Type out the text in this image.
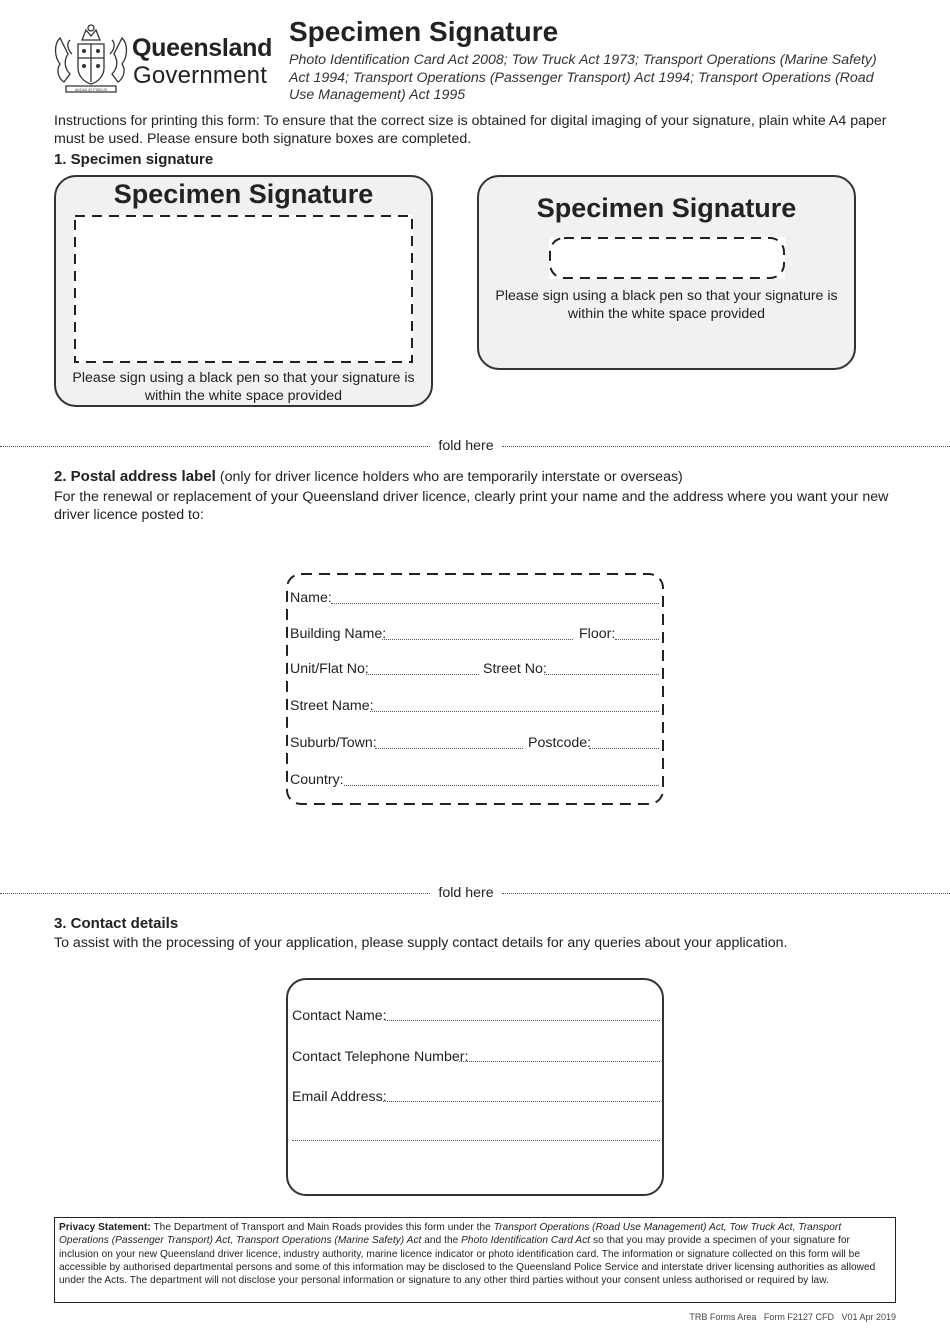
AUDAX AT FIDELIS
Queensland
Government
Specimen Signature
Photo Identification Card Act 2008; Tow Truck Act 1973; Transport Operations (Marine Safety) Act 1994; Transport Operations (Passenger Transport) Act 1994; Transport Operations (Road Use Management) Act 1995
Instructions for printing this form: To ensure that the correct size is obtained for digital imaging of your signature, plain white A4 paper must be used. Please ensure both signature boxes are completed.
1. Specimen signature
Specimen Signature
Please sign using a black pen so that your signature is within the white space provided
Specimen Signature
Please sign using a black pen so that your signature is within the white space provided
fold here
2. Postal address label (only for driver licence holders who are temporarily interstate or overseas)
For the renewal or replacement of your Queensland driver licence, clearly print your name and the address where you want your new driver licence posted to:
Name:
Building Name:	Floor:
Unit/Flat No:	Street No:
Street Name:
Suburb/Town:	Postcode:
Country:
fold here
3. Contact details
To assist with the processing of your application, please supply contact details for any queries about your application.
Contact Name:
Contact Telephone Number:
Email Address:
Privacy Statement: The Department of Transport and Main Roads provides this form under the Transport Operations (Road Use Management) Act, Tow Truck Act, Transport Operations (Passenger Transport) Act, Transport Operations (Marine Safety) Act and the Photo Identification Card Act so that you may provide a specimen of your signature for inclusion on your new Queensland driver licence, industry authority, marine licence indicator or photo identification card. The information or signature collected on this form will be accessible by authorised departmental persons and some of this information may be disclosed to the Queensland Police Service and interstate driver licensing authorities as allowed under the Acts. The department will not disclose your personal information or signature to any other third parties without your consent unless authorised or required by law.
TRB Forms Area   Form F2127 CFD   V01 Apr 2019
